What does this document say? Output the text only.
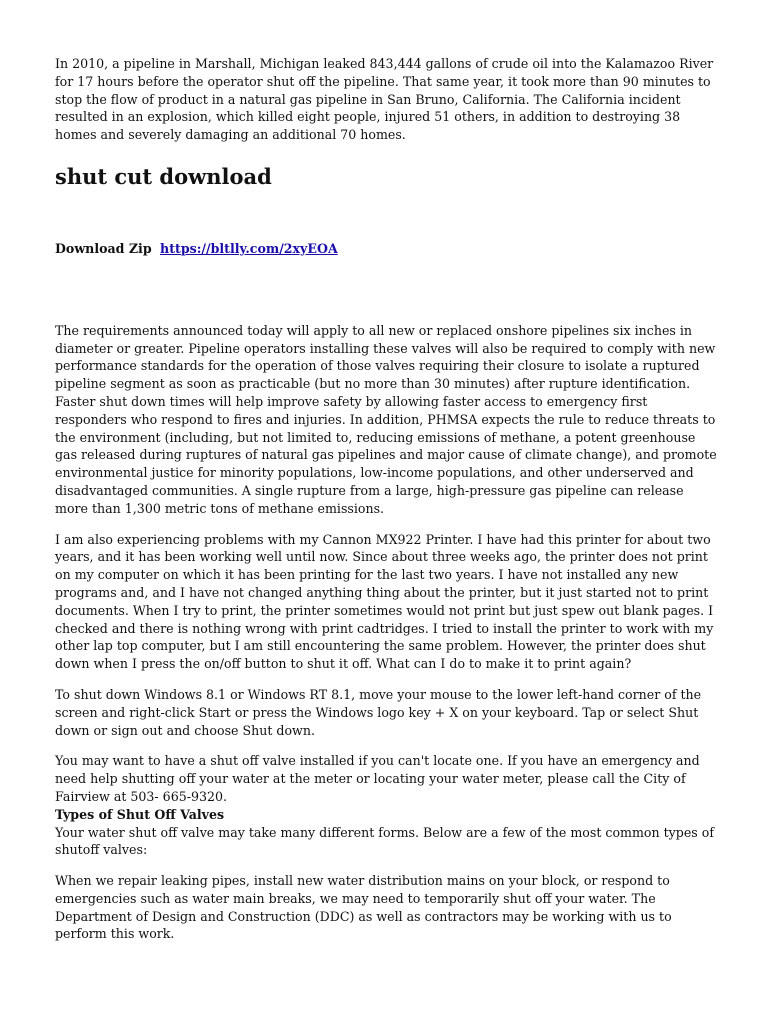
In 2010, a pipeline in Marshall, Michigan leaked 843,444 gallons of crude oil into the Kalamazoo River for 17 hours before the operator shut off the pipeline. That same year, it took more than 90 minutes to stop the flow of product in a natural gas pipeline in San Bruno, California. The California incident resulted in an explosion, which killed eight people, injured 51 others, in addition to destroying 38 homes and severely damaging an additional 70 homes.

shut cut download
Download Zip https://bltlly.com/2xyEOA

The requirements announced today will apply to all new or replaced onshore pipelines six inches in diameter or greater. Pipeline operators installing these valves will also be required to comply with new performance standards for the operation of those valves requiring their closure to isolate a ruptured pipeline segment as soon as practicable (but no more than 30 minutes) after rupture identification. Faster shut down times will help improve safety by allowing faster access to emergency first responders who respond to fires and injuries. In addition, PHMSA expects the rule to reduce threats to the environment (including, but not limited to, reducing emissions of methane, a potent greenhouse gas released during ruptures of natural gas pipelines and major cause of climate change), and promote environmental justice for minority populations, low-income populations, and other underserved and disadvantaged communities. A single rupture from a large, high-pressure gas pipeline can release more than 1,300 metric tons of methane emissions.

I am also experiencing problems with my Cannon MX922 Printer. I have had this printer for about two years, and it has been working well until now. Since about three weeks ago, the printer does not print on my computer on which it has been printing for the last two years. I have not installed any new programs and, and I have not changed anything thing about the printer, but it just started not to print documents. When I try to print, the printer sometimes would not print but just spew out blank pages. I checked and there is nothing wrong with print cadtridges. I tried to install the printer to work with my other lap top computer, but I am still encountering the same problem. However, the printer does shut down when I press the on/off button to shut it off. What can I do to make it to print again?

To shut down Windows 8.1 or Windows RT 8.1, move your mouse to the lower left-hand corner of the screen and right-click Start or press the Windows logo key + X on your keyboard. Tap or select Shut down or sign out and choose Shut down.

You may want to have a shut off valve installed if you can't locate one. If you have an emergency and need help shutting off your water at the meter or locating your water meter, please call the City of Fairview at 503- 665-9320.

Types of Shut Off Valves

Your water shut off valve may take many different forms. Below are a few of the most common types of shutoff valves:

When we repair leaking pipes, install new water distribution mains on your block, or respond to emergencies such as water main breaks, we may need to temporarily shut off your water. The Department of Design and Construction (DDC) as well as contractors may be working with us to perform this work.
